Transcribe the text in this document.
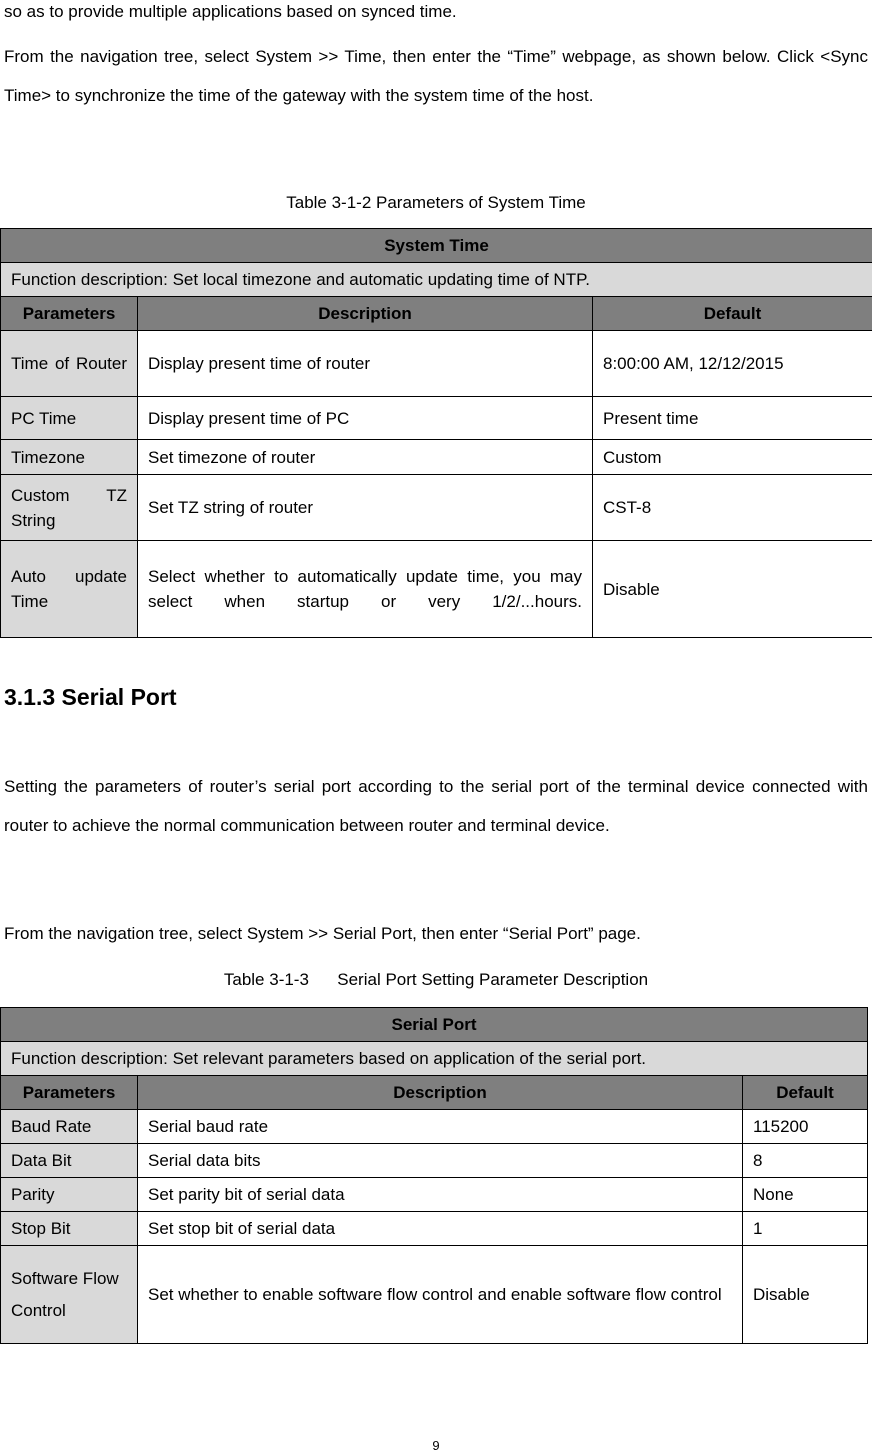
so as to provide multiple applications based on synced time.

From the navigation tree, select System >> Time, then enter the “Time” webpage, as shown below. Click <Sync Time> to synchronize the time of the gateway with the system time of the host.

Table 3-1-2 Parameters of System Time
System Time		
Function description: Set local timezone and automatic updating time of NTP.		
Parameters	Description	Default
Time of Router	Display present time of router	8:00:00 AM, 12/12/2015
PC Time	Display present time of PC	Present time
Timezone	Set timezone of router	Custom
Custom TZ String	Set TZ string of router	CST-8
Auto update Time	Select whether to automatically update time, you may select when startup or very 1/2/...hours.	Disable
3.1.3 Serial Port

Setting the parameters of router’s serial port according to the serial port of the terminal device connected with router to achieve the normal communication between router and terminal device.

From the navigation tree, select System >> Serial Port, then enter “Serial Port” page.

Table 3-1-3      Serial Port Setting Parameter Description
Serial Port		
Function description: Set relevant parameters based on application of the serial port.		
Parameters	Description	Default
Baud Rate	Serial baud rate	115200
Data Bit	Serial data bits	8
Parity	Set parity bit of serial data	None
Stop Bit	Set stop bit of serial data	1
Software Flow Control	Set whether to enable software flow control and enable software flow control	Disable
9
